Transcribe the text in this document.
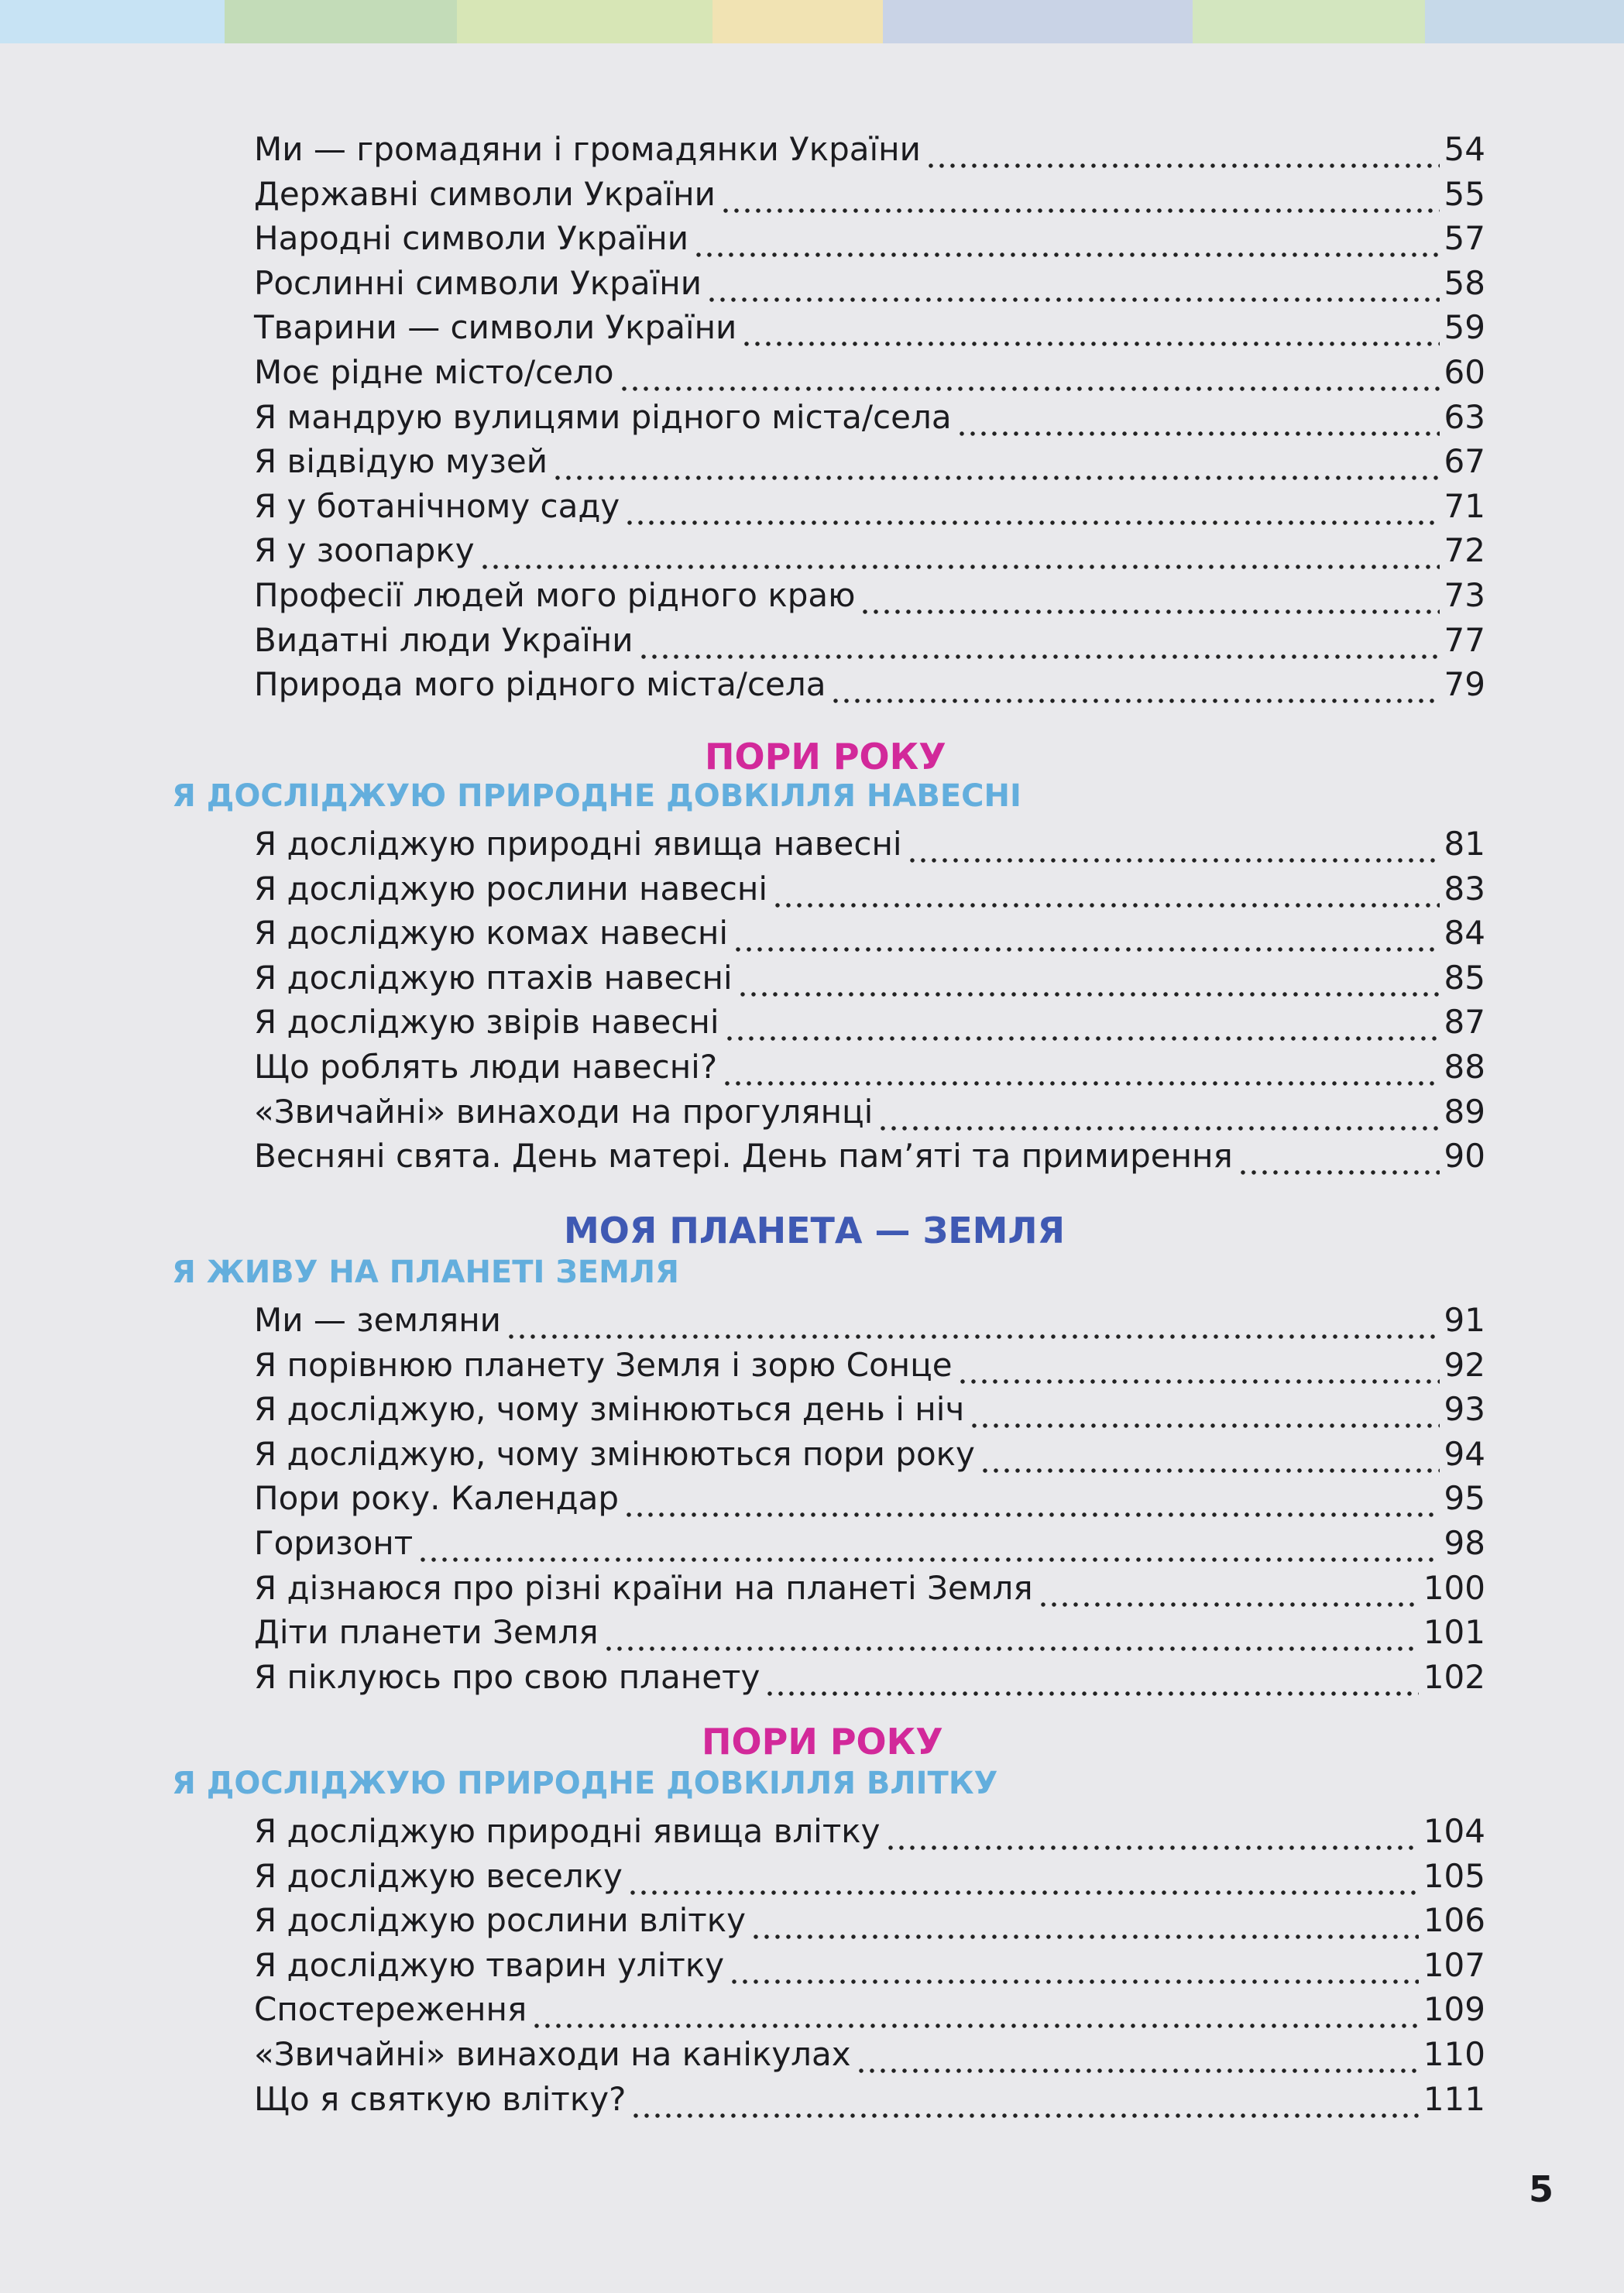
Ми — громадяни і громадянки України	54
Державні символи України	55
Народні символи України	57
Рослинні символи України	58
Тварини — символи України	59
Моє рідне місто/село	60
Я мандрую вулицями рідного міста/села	63
Я відвідую музей	67
Я у ботанічному саду	71
Я у зоопарку	72
Професії людей мого рідного краю	73
Видатні люди України	77
Природа мого рідного міста/села	79
ПОРИ РОКУ
Я ДОСЛІДЖУЮ ПРИРОДНЕ ДОВКІЛЛЯ НАВЕСНІ
Я досліджую природні явища навесні	81
Я досліджую рослини навесні	83
Я досліджую комах навесні	84
Я досліджую птахів навесні	85
Я досліджую звірів навесні	87
Що роблять люди навесні?	88
«Звичайні» винаходи на прогулянці	89
Весняні свята. День матері. День пам’яті та примирення	90
МОЯ ПЛАНЕТА — ЗЕМЛЯ
Я ЖИВУ НА ПЛАНЕТІ ЗЕМЛЯ
Ми — земляни	91
Я порівнюю планету Земля і зорю Сонце	92
Я досліджую, чому змінюються день і ніч	93
Я досліджую, чому змінюються пори року	94
Пори року. Календар	95
Горизонт	98
Я дізнаюся про різні країни на планеті Земля	100
Діти планети Земля	101
Я піклуюсь про свою планету	102
ПОРИ РОКУ
Я ДОСЛІДЖУЮ ПРИРОДНЕ ДОВКІЛЛЯ ВЛІТКУ
Я досліджую природні явища влітку	104
Я досліджую веселку	105
Я досліджую рослини влітку	106
Я досліджую тварин улітку	107
Спостереження	109
«Звичайні» винаходи на канікулах	110
Що я святкую влітку?	111
5
